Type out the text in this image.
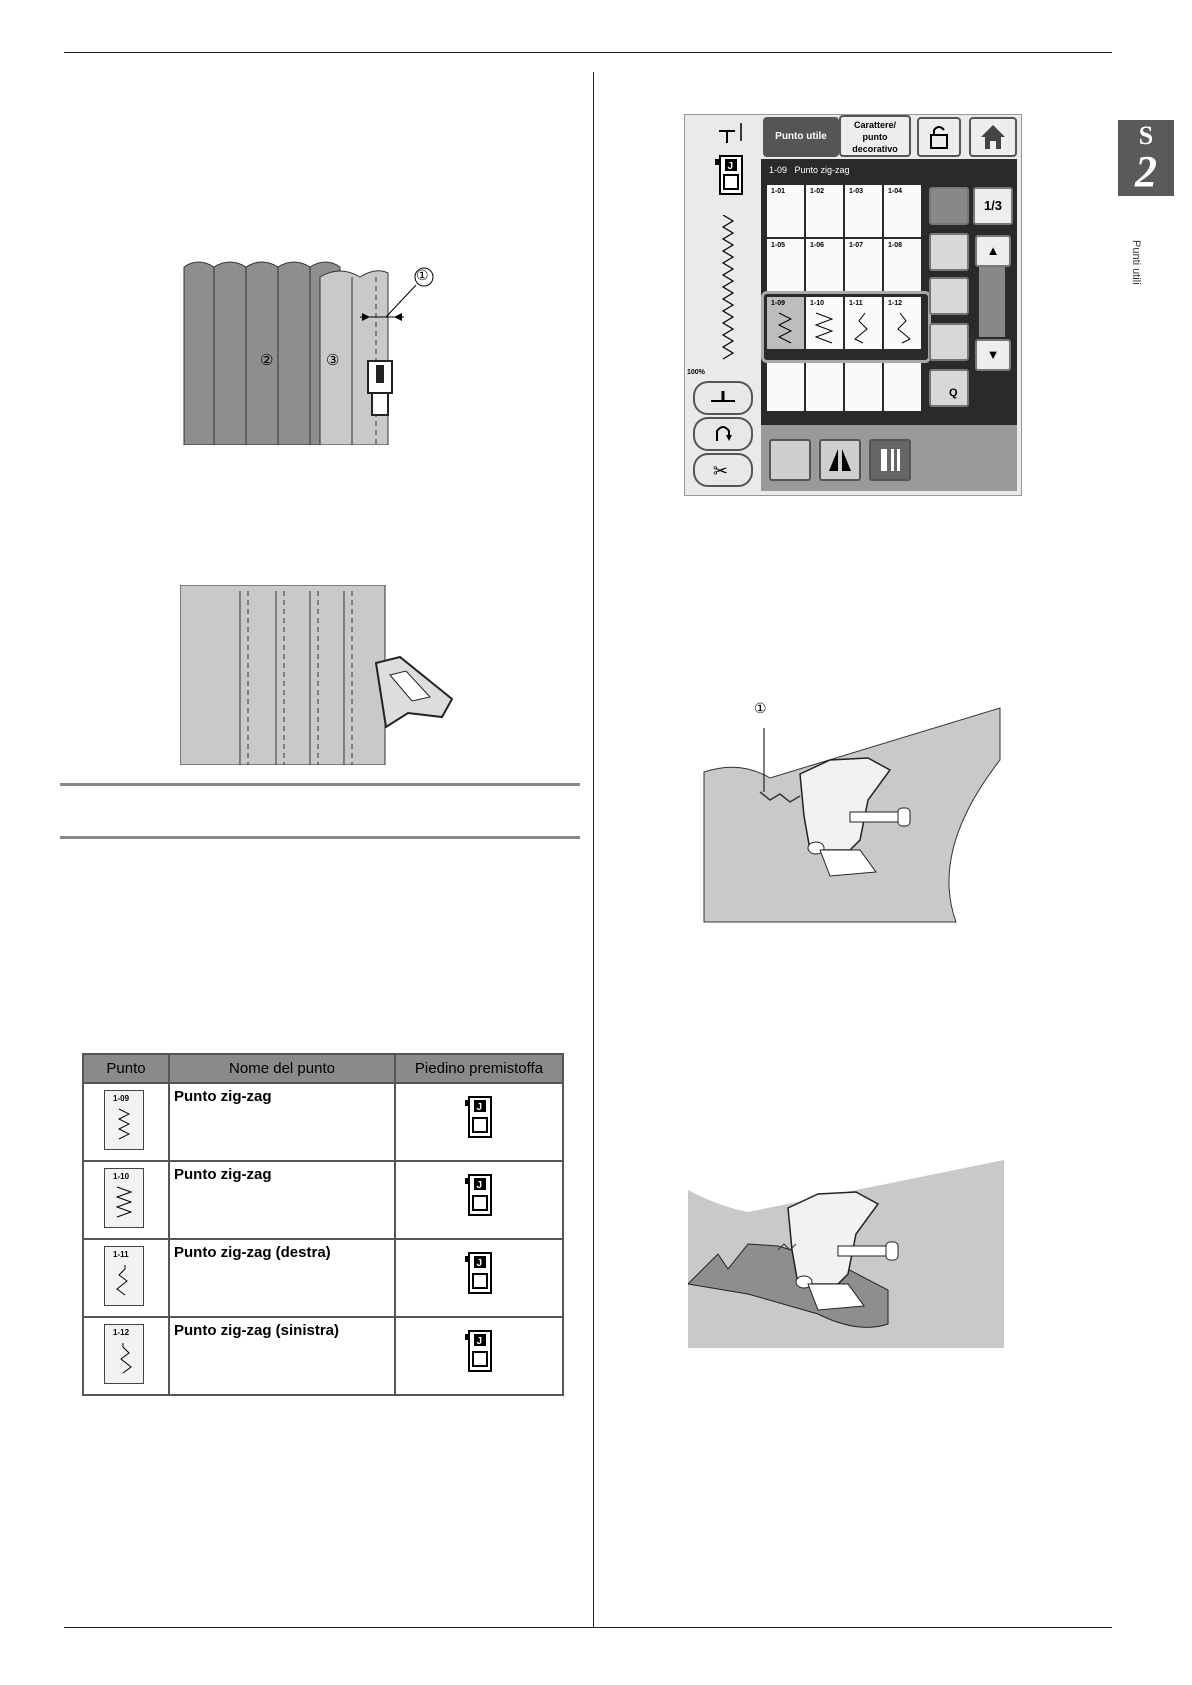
S
2
Punti utili
①
②	③
Punto	Nome del punto	Piedino premistoffa

1-09	Punto zig-zag	J

1-10	Punto zig-zag	J

1-11	Punto zig-zag (destra)	J

1-12	Punto zig-zag (sinistra)	J
J
100%
✂
Punto utile
Carattere/ punto decorativo
1-09   Punto zig-zag
1-01	1-02	1-03	1-04
1-05	1-06	1-07	1-08
1-09	1-10	1-11	1-12
Q
1/3
▲
▼
①
